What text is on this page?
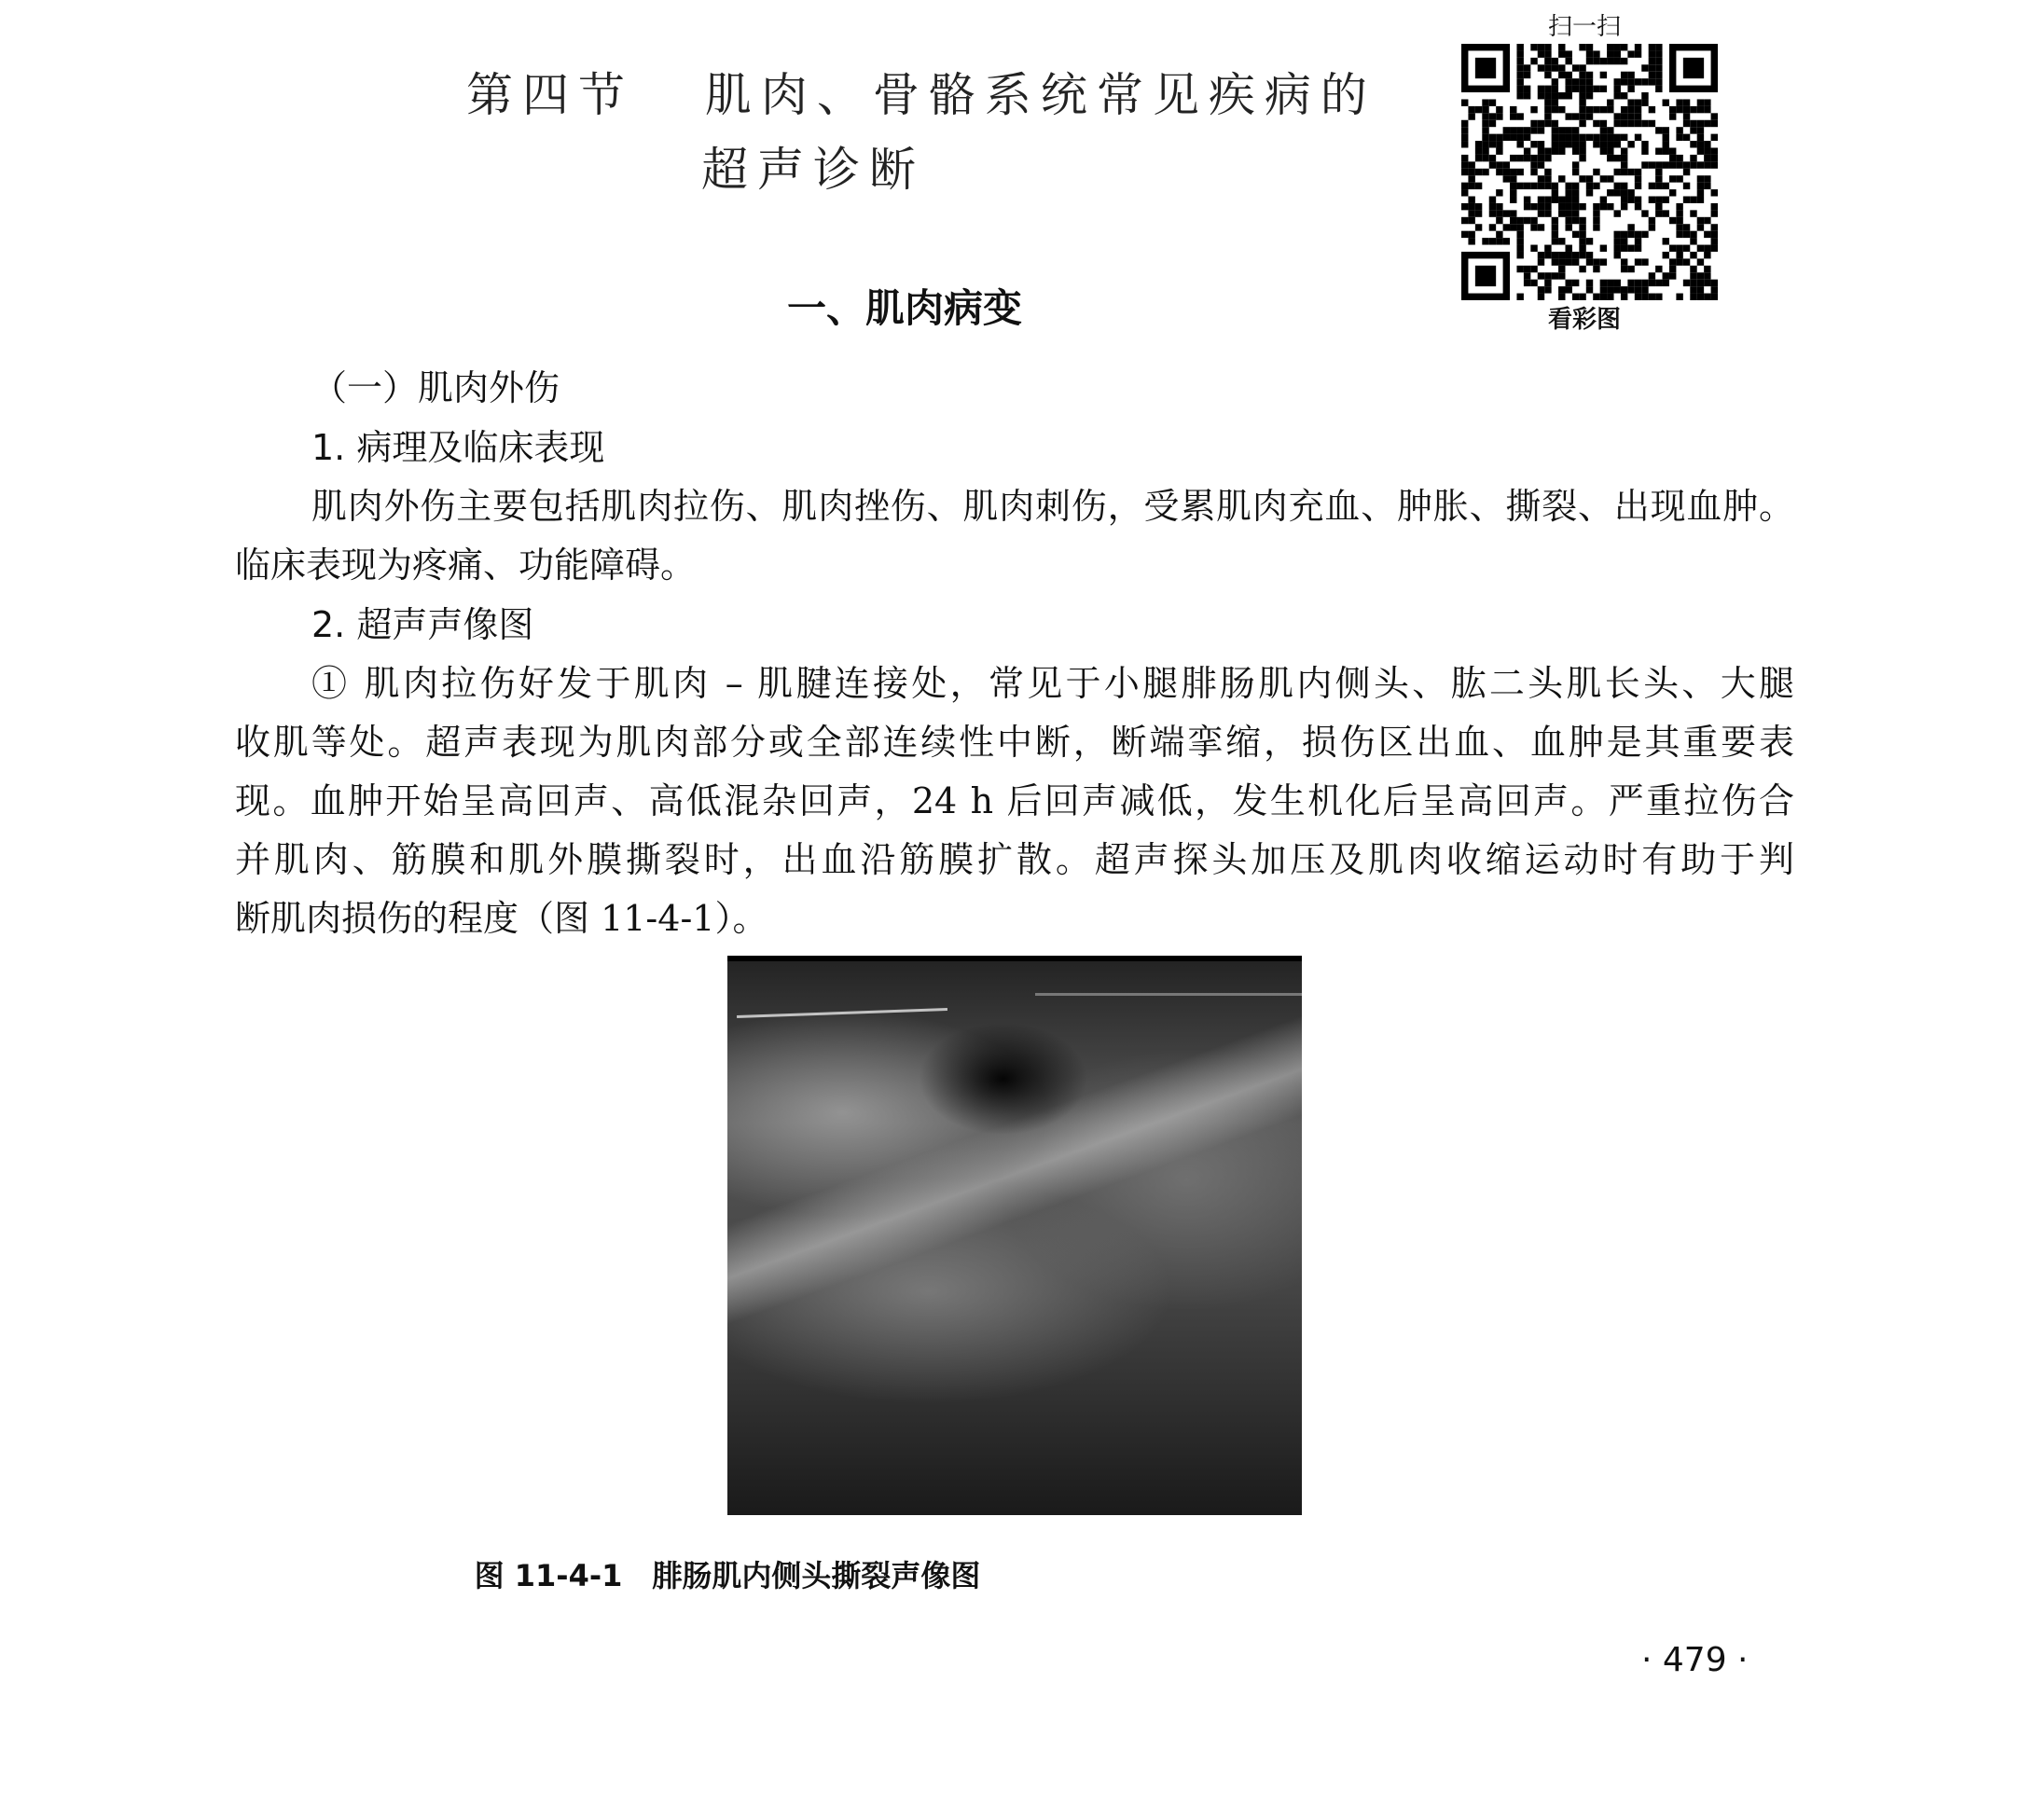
第四节 肌肉、骨骼系统常见疾病的
超声诊断
扫一扫
看彩图
一、肌肉病变
（一）肌肉外伤
1. 病理及临床表现
肌肉外伤主要包括肌肉拉伤、肌肉挫伤、肌肉刺伤，受累肌肉充血、肿胀、撕裂、出现血肿。
临床表现为疼痛、功能障碍。
2. 超声声像图
① 肌肉拉伤好发于肌肉 – 肌腱连接处，常见于小腿腓肠肌内侧头、肱二头肌长头、大腿
收肌等处。超声表现为肌肉部分或全部连续性中断，断端挛缩，损伤区出血、血肿是其重要表
现。血肿开始呈高回声、高低混杂回声，24 h 后回声减低，发生机化后呈高回声。严重拉伤合
并肌肉、筋膜和肌外膜撕裂时，出血沿筋膜扩散。超声探头加压及肌肉收缩运动时有助于判
断肌肉损伤的程度（图 11-4-1）。
图 11-4-1　腓肠肌内侧头撕裂声像图
· 479 ·
